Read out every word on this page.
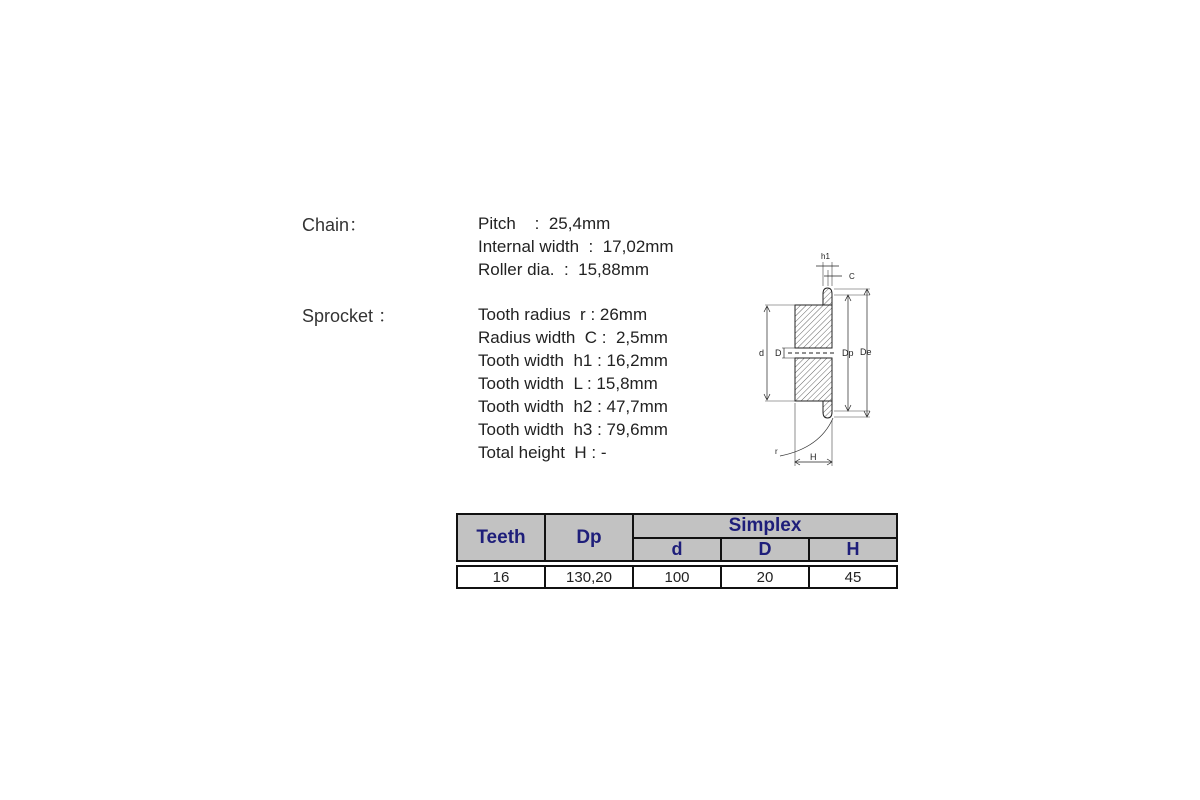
Chain：	Pitch    :  25,4mm
Internal width  :  17,02mm
Roller dia.  :  15,88mm
Sprocket ：	Tooth radius  r : 26mm
Radius width  C :  2,5mm
Tooth width  h1 : 16,2mm
Tooth width  L : 15,8mm
Tooth width  h2 : 47,7mm
Tooth width  h3 : 79,6mm
Total height  H : -
h1
C
d D	Dp De
r
H
Teeth	Dp	Simplex		
		d	D	H

16	130,20	100	20	45
